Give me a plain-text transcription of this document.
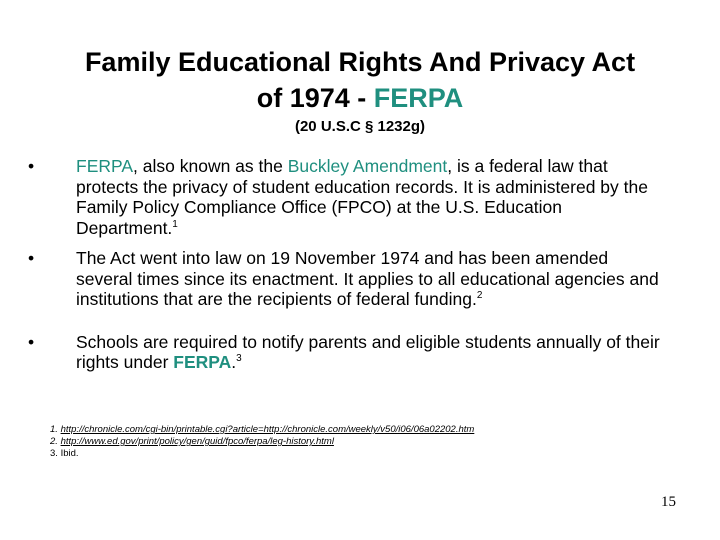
Family Educational Rights And Privacy Act
of 1974 - FERPA
(20 U.S.C § 1232g)
• FERPA, also known as the Buckley Amendment, is a federal law that protects the privacy of student education records. It is administered by the Family Policy Compliance Office (FPCO) at the U.S. Education Department.$^1$
• The Act went into law on 19 November 1974 and has been amended several times since its enactment. It applies to all educational agencies and institutions that are the recipients of federal funding.$^2$
• Schools are required to notify parents and eligible students annually of their rights under FERPA.$^3$
1. http://chronicle.com/cgi-bin/printable.cgi?article=http://chronicle.com/weekly/v50/i06/06a02202.htm
2. http://www.ed.gov/print/policy/gen/guid/fpco/ferpa/leg-history.html
3. Ibid.
15
